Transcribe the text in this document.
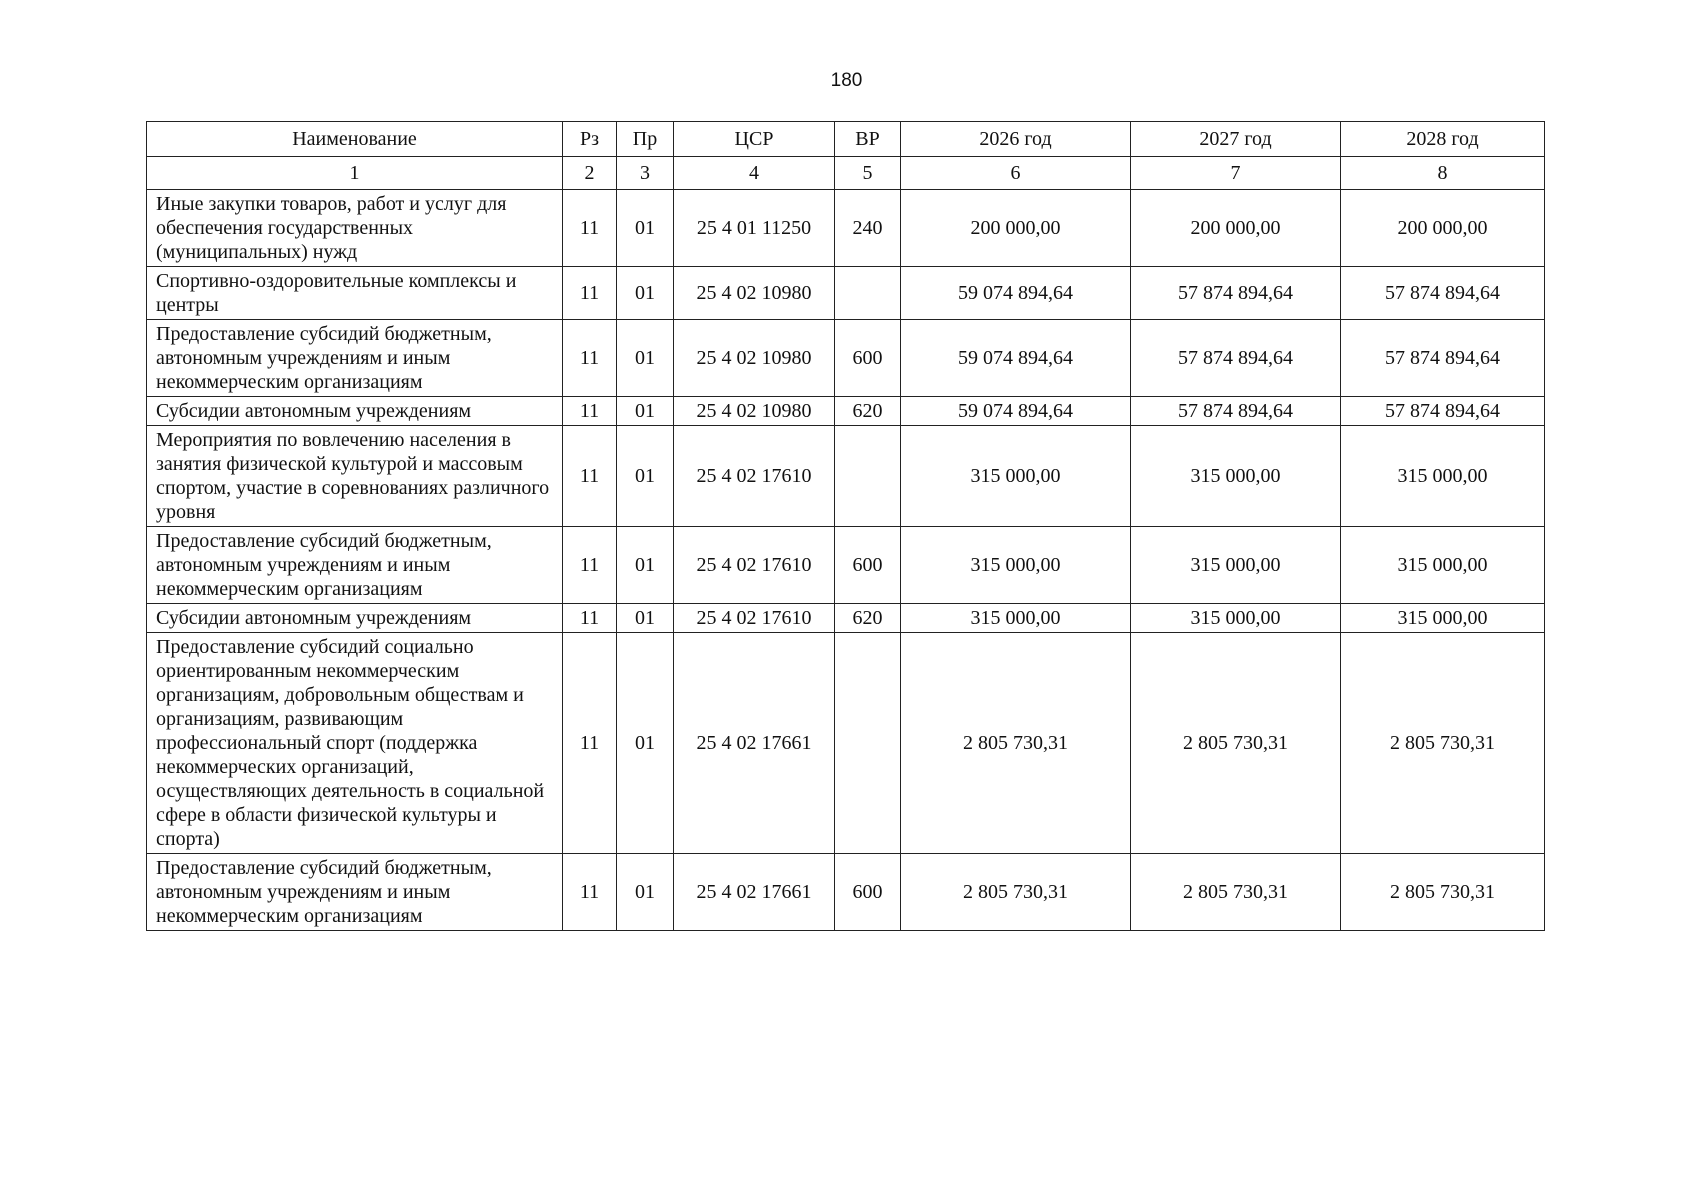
180
Наименование	Рз	Пр	ЦСР	ВР	2026 год	2027 год	2028 год
1	2	3	4	5	6	7	8
Иные закупки товаров, работ и услуг для обеспечения государственных (муниципальных) нужд	11	01	25 4 01 11250	240	200 000,00	200 000,00	200 000,00
Спортивно-оздоровительные комплексы и центры	11	01	25 4 02 10980		59 074 894,64	57 874 894,64	57 874 894,64
Предоставление субсидий бюджетным, автономным учреждениям и иным некоммерческим организациям	11	01	25 4 02 10980	600	59 074 894,64	57 874 894,64	57 874 894,64
Субсидии автономным учреждениям	11	01	25 4 02 10980	620	59 074 894,64	57 874 894,64	57 874 894,64
Мероприятия по вовлечению населения в занятия физической культурой и массовым спортом, участие в соревнованиях различного уровня	11	01	25 4 02 17610		315 000,00	315 000,00	315 000,00
Предоставление субсидий бюджетным, автономным учреждениям и иным некоммерческим организациям	11	01	25 4 02 17610	600	315 000,00	315 000,00	315 000,00
Субсидии автономным учреждениям	11	01	25 4 02 17610	620	315 000,00	315 000,00	315 000,00
Предоставление субсидий социально ориентированным некоммерческим организациям, добровольным обществам и организациям, развивающим профессиональный спорт (поддержка некоммерческих организаций, осуществляющих деятельность в социальной сфере в области физической культуры и спорта)	11	01	25 4 02 17661		2 805 730,31	2 805 730,31	2 805 730,31
Предоставление субсидий бюджетным, автономным учреждениям и иным некоммерческим организациям	11	01	25 4 02 17661	600	2 805 730,31	2 805 730,31	2 805 730,31
